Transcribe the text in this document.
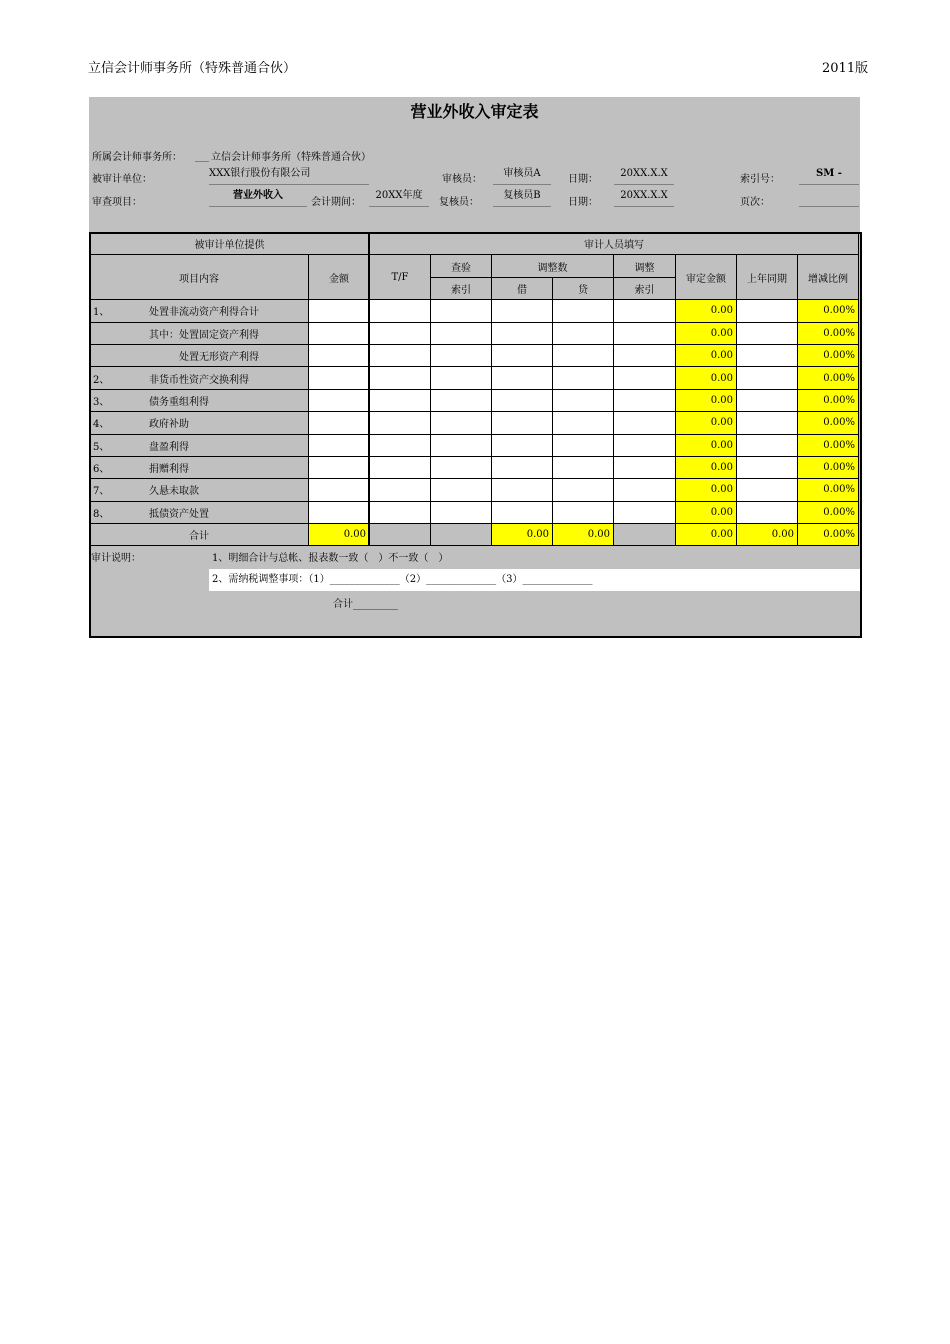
立信会计师事务所（特殊普通合伙）	2011版
营业外收入审定表
所属会计师事务所：	立信会计师事务所（特殊普通合伙）
被审计单位：
XXX银行股份有限公司
审核员：
审核员A
日期：
20XX.X.X
索引号：
SM -
审查项目：
营业外收入
会计期间：
20XX年度
复核员：
复核员B
日期：
20XX.X.X
页次：
被审计单位提供		审计人员填写							
项目内容	金额	T/F	查验	调整数		调整	审定金额	上年同期	增减比例
			索引	借	贷	索引			
1、 处置非流动资产利得合计							0.00		0.00%
其中：处置固定资产利得							0.00		0.00%
处置无形资产利得							0.00		0.00%
2、 非货币性资产交换利得							0.00		0.00%
3、 债务重组利得							0.00		0.00%
4、 政府补助							0.00		0.00%
5、 盘盈利得							0.00		0.00%
6、 捐赠利得							0.00		0.00%
7、 久悬未取款							0.00		0.00%
8、 抵债资产处置							0.00		0.00%
合计	0.00			0.00	0.00		0.00	0.00	0.00%
审计说明：	1、明细合计与总帐、报表数一致（　）不一致（　）
2、需纳税调整事项：（1）______________（2）______________（3）______________
合计_________
